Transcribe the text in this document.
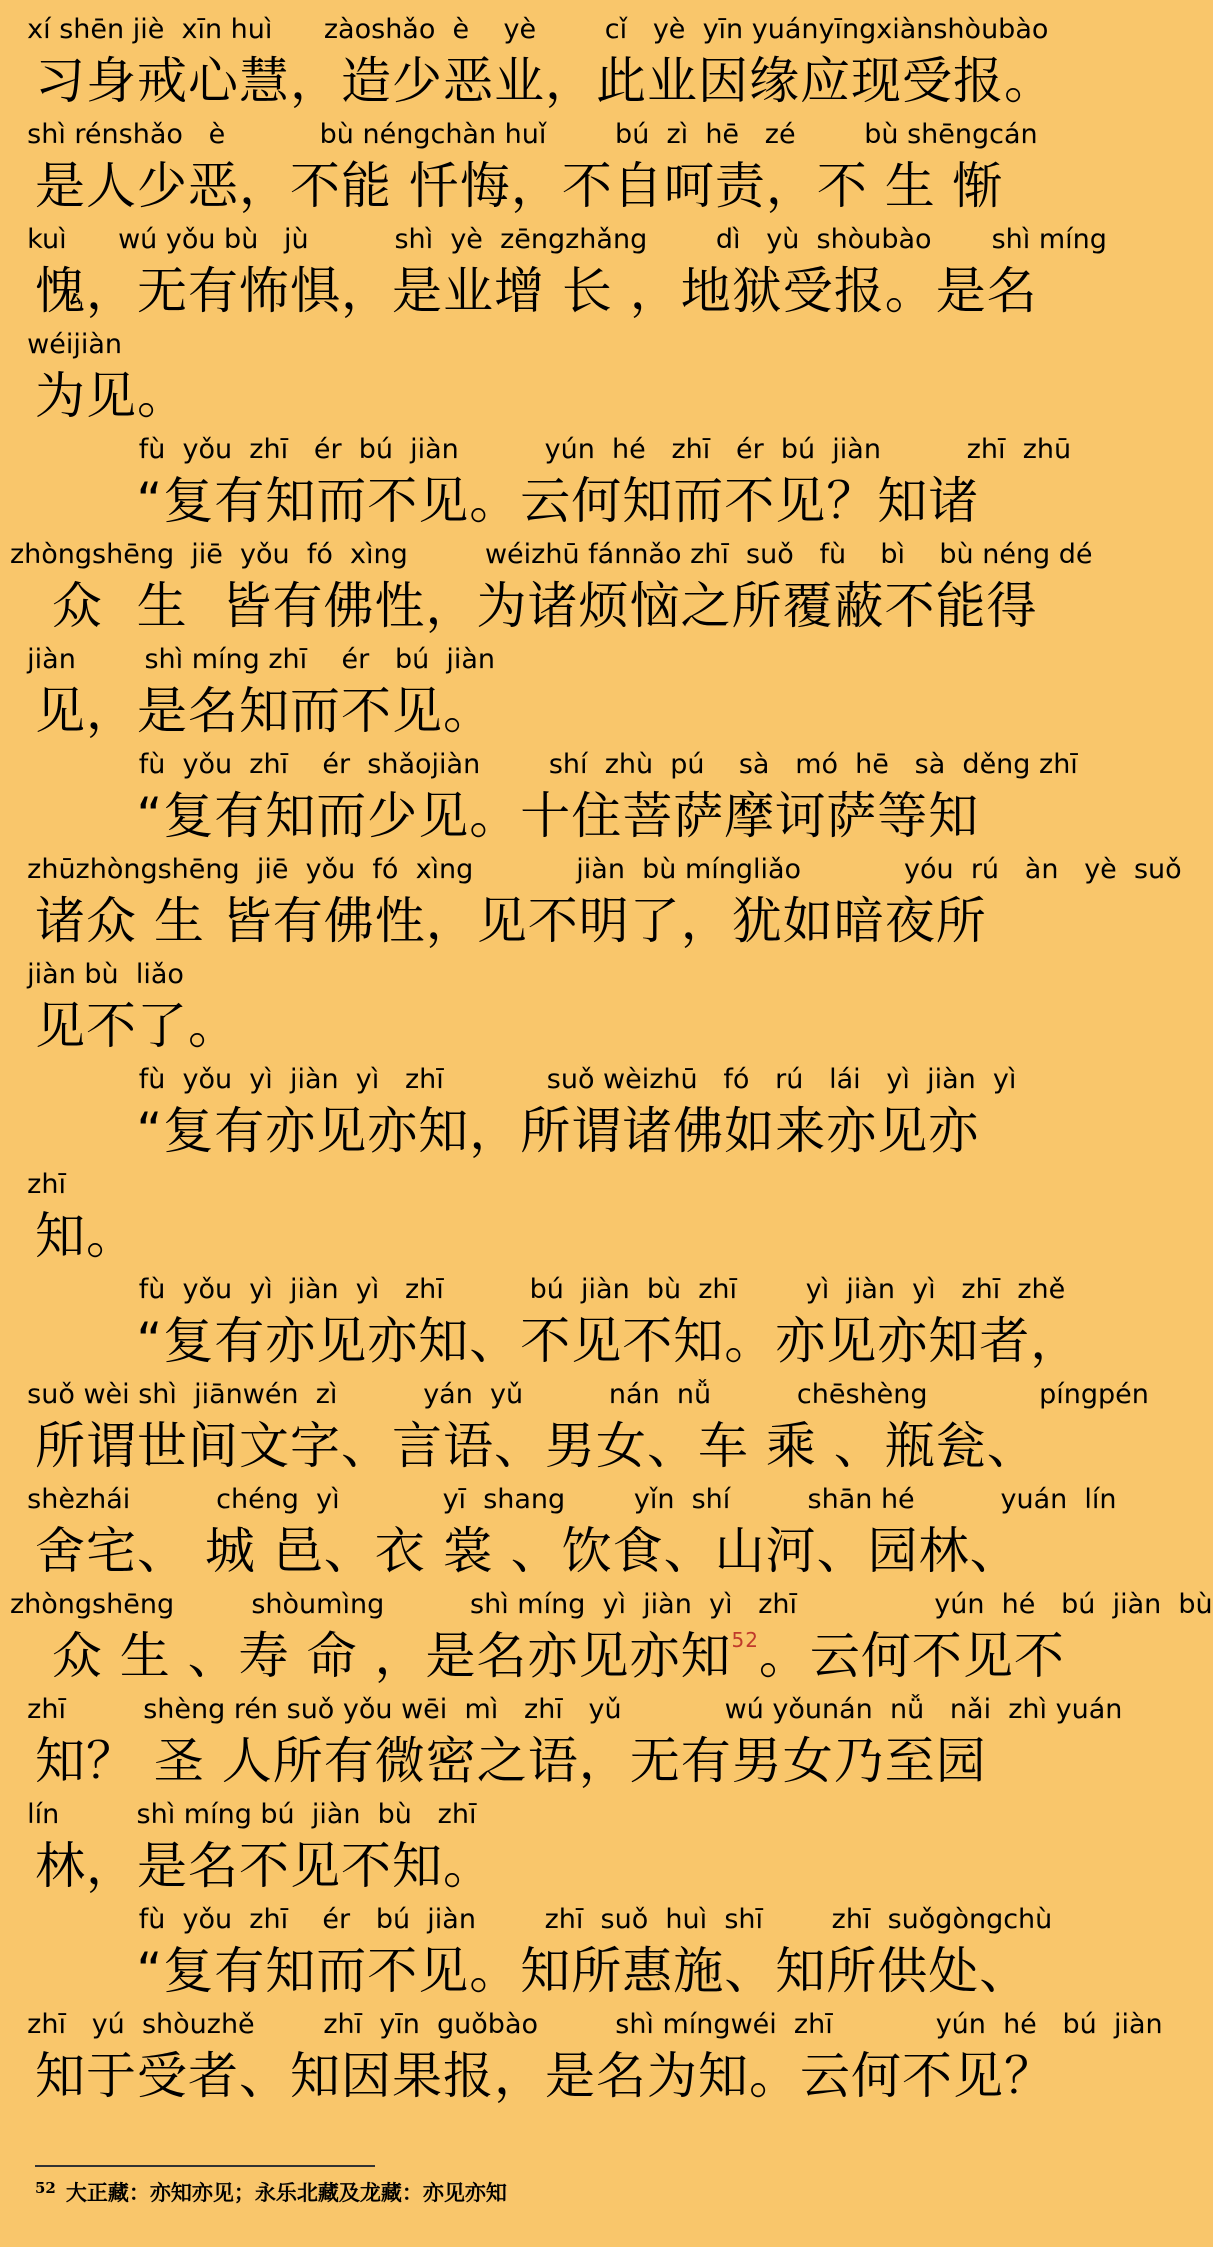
xí shēn jiè  xīn huì      zàoshǎo  è    yè        cǐ   yè  yīn yuányīngxiànshòubào
习身戒心慧，造少恶业，此业因缘应现受报。
shì rénshǎo   è           bù néngchàn huǐ        bú  zì  hē   zé        bù shēngcán
是人少恶，不能 忏悔，不自呵责，不 生 惭
kuì      wú yǒu bù   jù          shì  yè  zēngzhǎng        dì   yù  shòubào       shì míng
愧，无有怖惧，是业增 长 ，地狱受报。是名
wéijiàn
为见。
fù  yǒu  zhī   ér  bú  jiàn          yún  hé   zhī   ér  bú  jiàn          zhī  zhū
“复有知而不见。云何知而不见？知诸
zhòngshēng  jiē  yǒu  fó  xìng         wéizhū fánnǎo zhī  suǒ   fù    bì    bù néng dé
众  生  皆有佛性，为诸烦恼之所覆蔽不能得
jiàn        shì míng zhī    ér   bú  jiàn
见，是名知而不见。
fù  yǒu  zhī    ér  shǎojiàn        shí  zhù  pú    sà   mó  hē   sà  děng zhī
“复有知而少见。十住菩萨摩诃萨等知
zhūzhòngshēng  jiē  yǒu  fó  xìng            jiàn  bù míngliǎo            yóu  rú   àn   yè  suǒ
诸众 生 皆有佛性，见不明了，犹如暗夜所
jiàn bù  liǎo
见不了。
fù  yǒu  yì  jiàn  yì   zhī            suǒ wèizhū   fó   rú   lái   yì  jiàn  yì
“复有亦见亦知，所谓诸佛如来亦见亦
zhī
知。
fù  yǒu  yì  jiàn  yì   zhī          bú  jiàn  bù  zhī        yì  jiàn  yì   zhī  zhě
“复有亦见亦知、不见不知。亦见亦知者，
suǒ wèi shì  jiānwén  zì          yán  yǔ          nán  nǚ          chēshèng             píngpén
所谓世间文字、言语、男女、车 乘 、瓶瓮、
shèzhái          chéng  yì            yī  shang        yǐn  shí         shān hé          yuán  lín
舍宅、 城 邑、衣 裳 、饮食、山河、园林、
zhòngshēng         shòumìng          shì míng  yì  jiàn  yì   zhī                yún  hé   bú  jiàn  bù
众 生 、寿 命 ，是名亦见亦知$^{52}$。云何不见不
zhī         shèng rén suǒ yǒu wēi  mì   zhī   yǔ            wú yǒunán  nǚ   nǎi  zhì yuán
知？ 圣 人所有微密之语，无有男女乃至园
lín         shì míng bú  jiàn  bù   zhī
林，是名不见不知。
fù  yǒu  zhī    ér   bú  jiàn        zhī  suǒ  huì  shī        zhī  suǒgòngchù
“复有知而不见。知所惠施、知所供处、
zhī   yú  shòuzhě        zhī  yīn  guǒbào         shì míngwéi  zhī            yún  hé   bú  jiàn
知于受者、知因果报，是名为知。云何不见？
$^{52}$ 大正藏：亦知亦见；永乐北藏及龙藏：亦见亦知
